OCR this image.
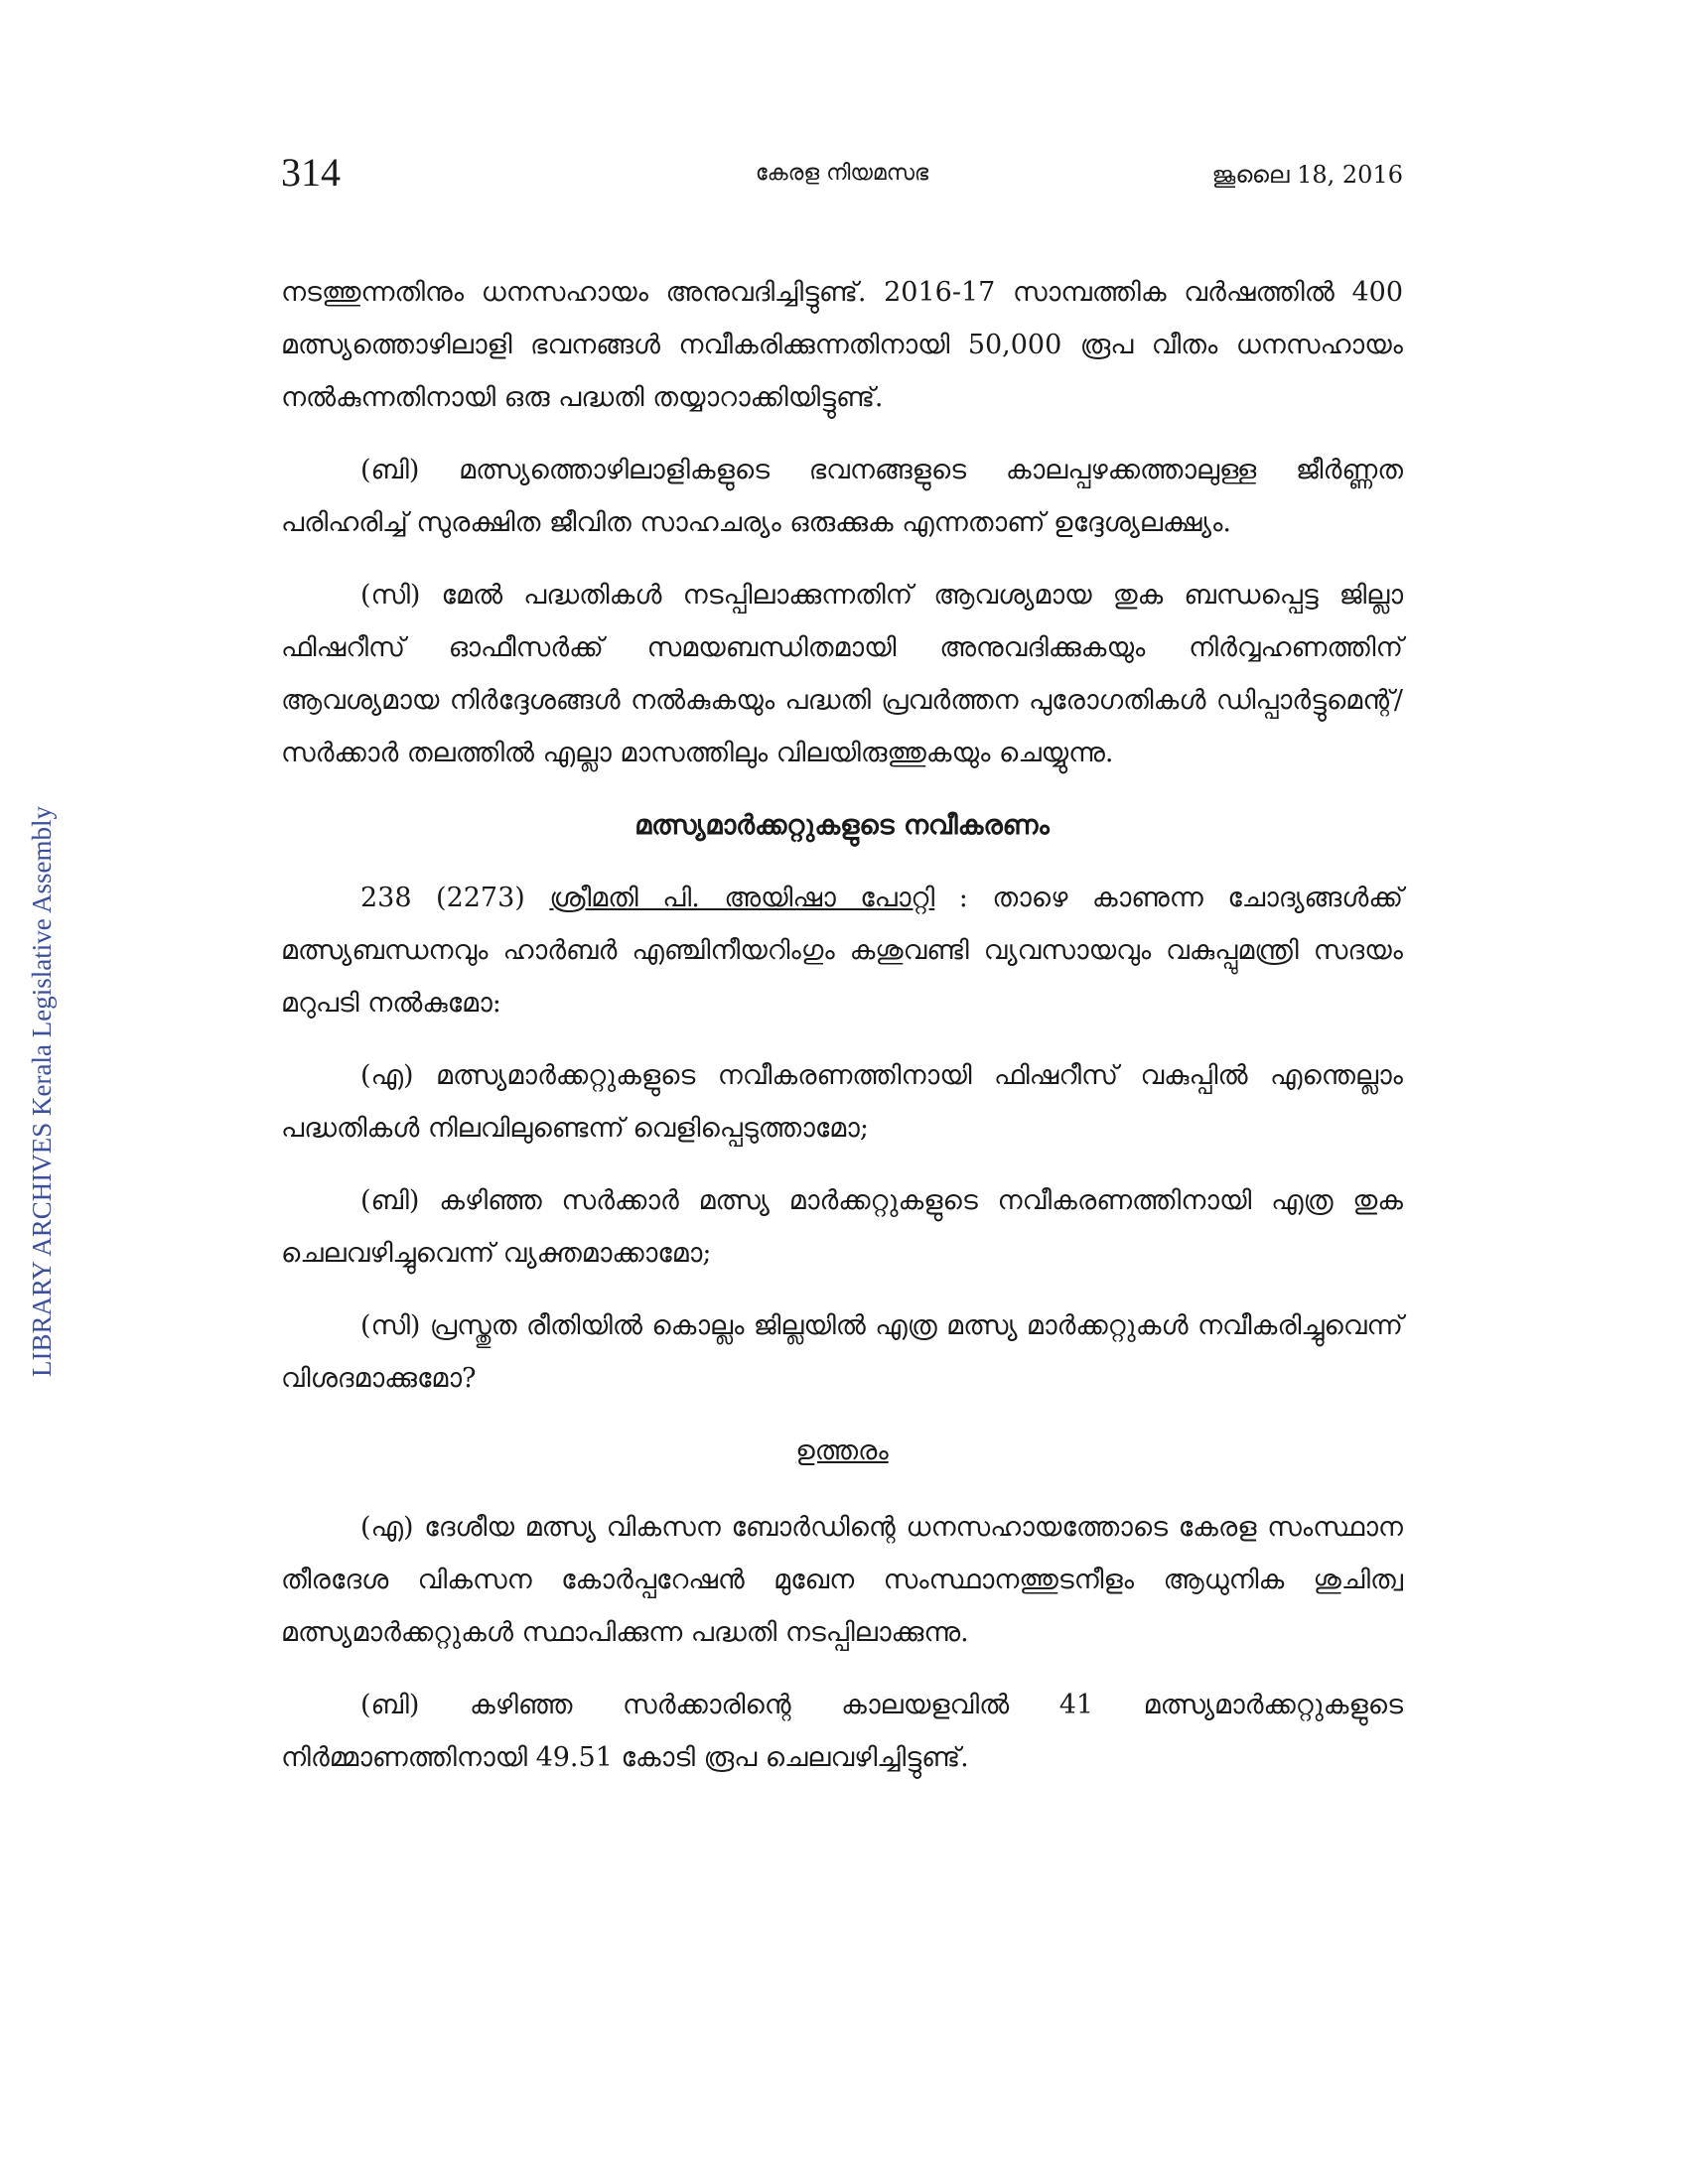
LIBRARY ARCHIVES Kerala Legislative Assembly
314	കേരള നിയമസഭ	ജൂലൈ 18, 2016

നടത്തുന്നതിനും ധനസഹായം അനുവദിച്ചിട്ടുണ്ട്. 2016-17 സാമ്പത്തിക വർഷത്തിൽ 400 മത്സ്യത്തൊഴിലാളി ഭവനങ്ങൾ നവീകരിക്കുന്നതിനായി 50,000 രൂപ വീതം ധനസഹായം നൽകുന്നതിനായി ഒരു പദ്ധതി തയ്യാറാക്കിയിട്ടുണ്ട്.

(ബി) മത്സ്യത്തൊഴിലാളികളുടെ ഭവനങ്ങളുടെ കാലപ്പഴക്കത്താലുള്ള ജീർണ്ണത പരിഹരിച്ച് സുരക്ഷിത ജീവിത സാഹചര്യം ഒരുക്കുക എന്നതാണ് ഉദ്ദേശ്യലക്ഷ്യം.

(സി) മേൽ പദ്ധതികൾ നടപ്പിലാക്കുന്നതിന് ആവശ്യമായ തുക ബന്ധപ്പെട്ട ജില്ലാ ഫിഷറീസ് ഓഫീസർക്ക് സമയബന്ധിതമായി അനുവദിക്കുകയും നിർവ്വഹണത്തിന് ആവശ്യമായ നിർദ്ദേശങ്ങൾ നൽകുകയും പദ്ധതി പ്രവർത്തന പുരോഗതികൾ ഡിപ്പാർട്ടുമെന്റ്/സർക്കാർ തലത്തിൽ എല്ലാ മാസത്തിലും വിലയിരുത്തുകയും ചെയ്യുന്നു.

മത്സ്യമാർക്കറ്റുകളുടെ നവീകരണം

238 (2273) ശ്രീമതി പി. അയിഷാ പോറ്റി : താഴെ കാണുന്ന ചോദ്യങ്ങൾക്ക് മത്സ്യബന്ധനവും ഹാർബർ എഞ്ചിനീയറിംഗും കശുവണ്ടി വ്യവസായവും വകുപ്പുമന്ത്രി സദയം മറുപടി നൽകുമോ:

(എ) മത്സ്യമാർക്കറ്റുകളുടെ നവീകരണത്തിനായി ഫിഷറീസ് വകുപ്പിൽ എന്തെല്ലാം പദ്ധതികൾ നിലവിലുണ്ടെന്ന് വെളിപ്പെടുത്താമോ;

(ബി) കഴിഞ്ഞ സർക്കാർ മത്സ്യ മാർക്കറ്റുകളുടെ നവീകരണത്തിനായി എത്ര തുക ചെലവഴിച്ചുവെന്ന് വ്യക്തമാക്കാമോ;

(സി) പ്രസ്തുത രീതിയിൽ കൊല്ലം ജില്ലയിൽ എത്ര മത്സ്യ മാർക്കറ്റുകൾ നവീകരിച്ചുവെന്ന് വിശദമാക്കുമോ?

ഉത്തരം

(എ) ദേശീയ മത്സ്യ വികസന ബോർഡിന്റെ ധനസഹായത്തോടെ കേരള സംസ്ഥാന തീരദേശ വികസന കോർപ്പറേഷൻ മുഖേന സംസ്ഥാനത്തുടനീളം ആധുനിക ശുചിത്വ മത്സ്യമാർക്കറ്റുകൾ സ്ഥാപിക്കുന്ന പദ്ധതി നടപ്പിലാക്കുന്നു.

(ബി) കഴിഞ്ഞ സർക്കാരിന്റെ കാലയളവിൽ 41 മത്സ്യമാർക്കറ്റുകളുടെ നിർമ്മാണത്തിനായി 49.51 കോടി രൂപ ചെലവഴിച്ചിട്ടുണ്ട്.
